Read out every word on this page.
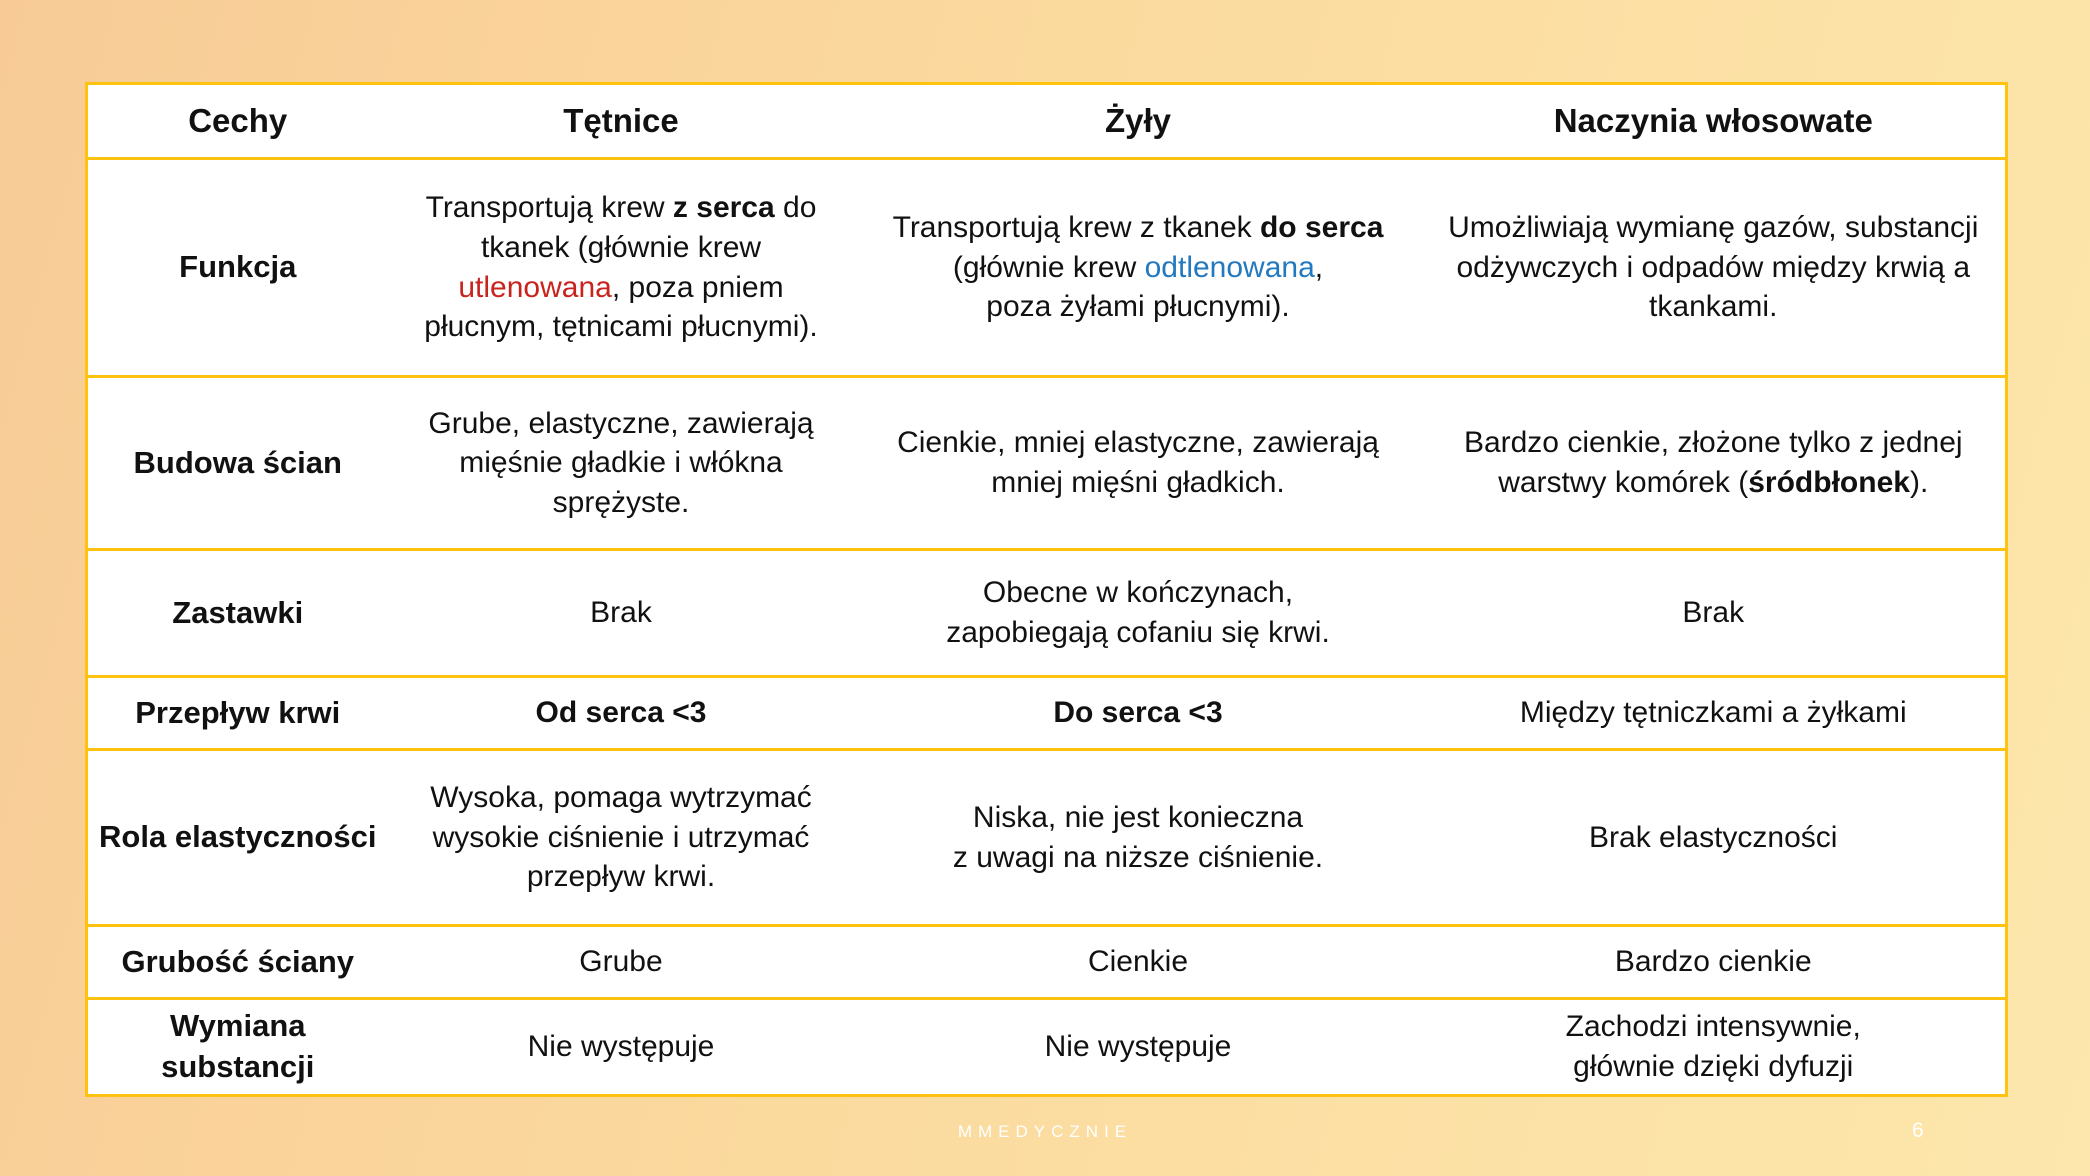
Cechy	Tętnice	Żyły	Naczynia włosowate
Funkcja	Transportują krew z serca do tkanek (głównie krew utlenowana, poza pniem płucnym, tętnicami płucnymi).	Transportują krew z tkanek do serca (głównie krew odtlenowana,
poza żyłami płucnymi).	Umożliwiają wymianę gazów, substancji odżywczych i odpadów między krwią a tkankami.
Budowa ścian	Grube, elastyczne, zawierają mięśnie gładkie i włókna sprężyste.	Cienkie, mniej elastyczne, zawierają mniej mięśni gładkich.	Bardzo cienkie, złożone tylko z jednej warstwy komórek (śródbłonek).
Zastawki	Brak	Obecne w kończynach,
zapobiegają cofaniu się krwi.	Brak
Przepływ krwi	Od serca <3	Do serca <3	Między tętniczkami a żyłkami
Rola elastyczności	Wysoka, pomaga wytrzymać wysokie ciśnienie i utrzymać przepływ krwi.	Niska, nie jest konieczna
z uwagi na niższe ciśnienie.	Brak elastyczności
Grubość ściany	Grube	Cienkie	Bardzo cienkie
Wymiana substancji	Nie występuje	Nie występuje	Zachodzi intensywnie,
głównie dzięki dyfuzji
MMEDYCZNIE	6
